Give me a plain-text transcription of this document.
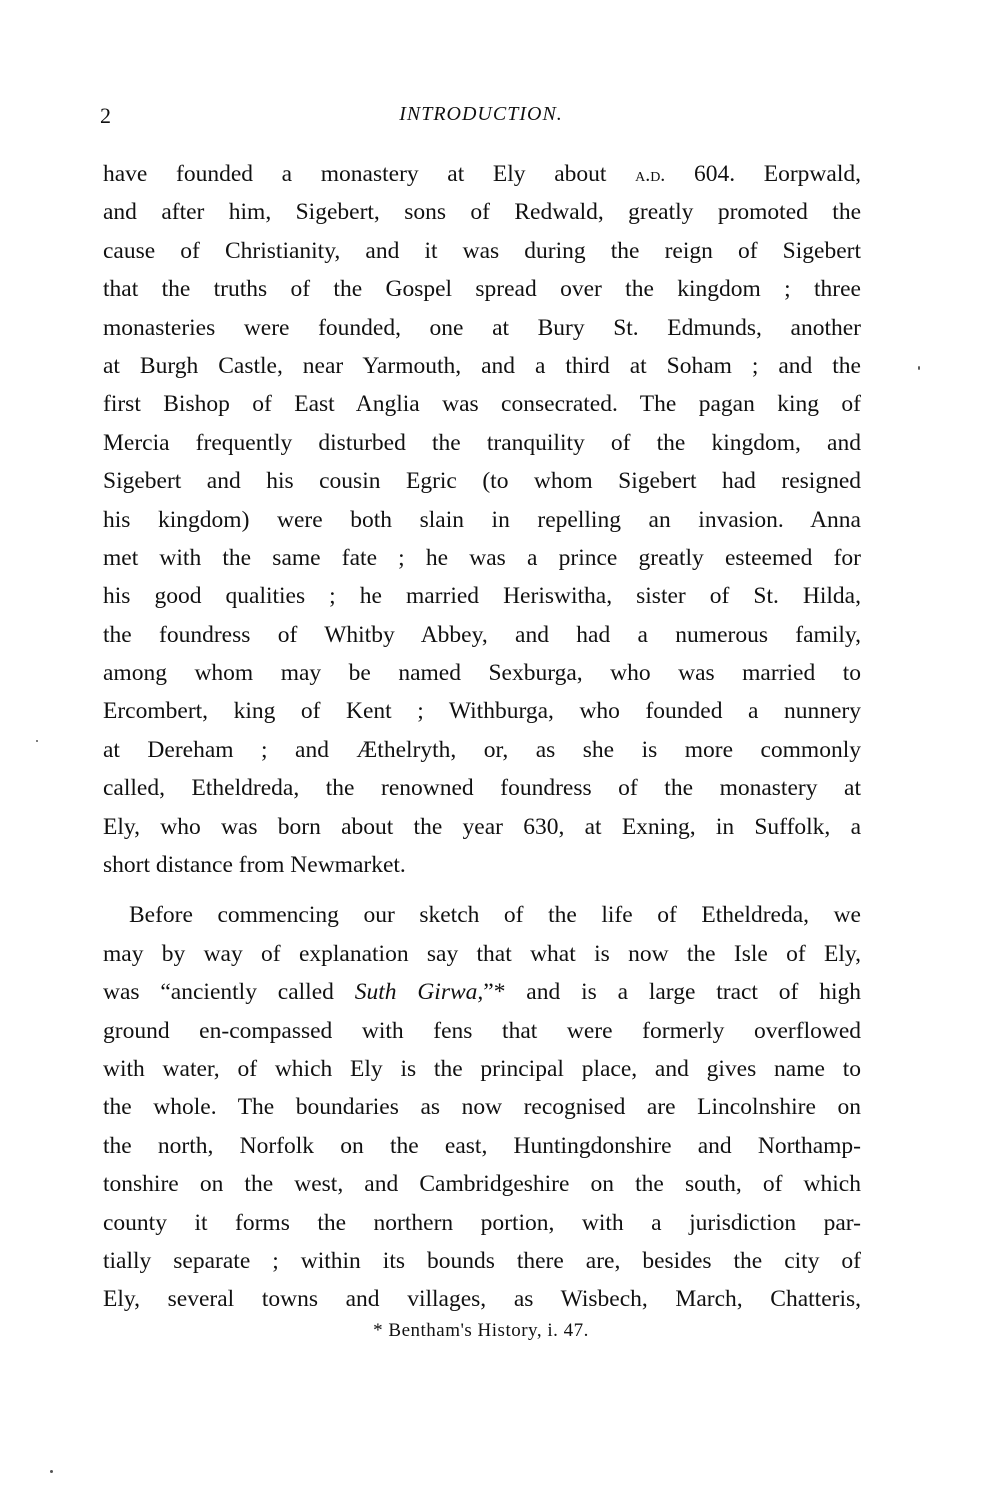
2	INTRODUCTION.
have founded a monastery at Ely about a.d. 604. Eorpwald,
and after him, Sigebert, sons of Redwald, greatly promoted the
cause of Christianity, and it was during the reign of Sigebert
that the truths of the Gospel spread over the kingdom ; three
monasteries were founded, one at Bury St. Edmunds, another
at Burgh Castle, near Yarmouth, and a third at Soham ; and the
first Bishop of East Anglia was consecrated. The pagan king of
Mercia frequently disturbed the tranquility of the kingdom, and
Sigebert and his cousin Egric (to whom Sigebert had resigned
his kingdom) were both slain in repelling an invasion. Anna
met with the same fate ; he was a prince greatly esteemed for
his good qualities ; he married Heriswitha, sister of St. Hilda,
the foundress of Whitby Abbey, and had a numerous family,
among whom may be named Sexburga, who was married to
Ercombert, king of Kent ; Withburga, who founded a nunnery
at Dereham ; and Æthelryth, or, as she is more commonly
called, Etheldreda, the renowned foundress of the monastery at
Ely, who was born about the year 630, at Exning, in Suffolk, a
short distance from Newmarket.
Before commencing our sketch of the life of Etheldreda, we
may by way of explanation say that what is now the Isle of Ely,
was “anciently called Suth Girwa,”* and is a large tract of high
ground en-compassed with fens that were formerly overflowed
with water, of which Ely is the principal place, and gives name to
the whole. The boundaries as now recognised are Lincolnshire on
the north, Norfolk on the east, Huntingdonshire and Northamp-
tonshire on the west, and Cambridgeshire on the south, of which
county it forms the northern portion, with a jurisdiction par-
tially separate ; within its bounds there are, besides the city of
Ely, several towns and villages, as Wisbech, March, Chatteris,
* Bentham's History, i. 47.
